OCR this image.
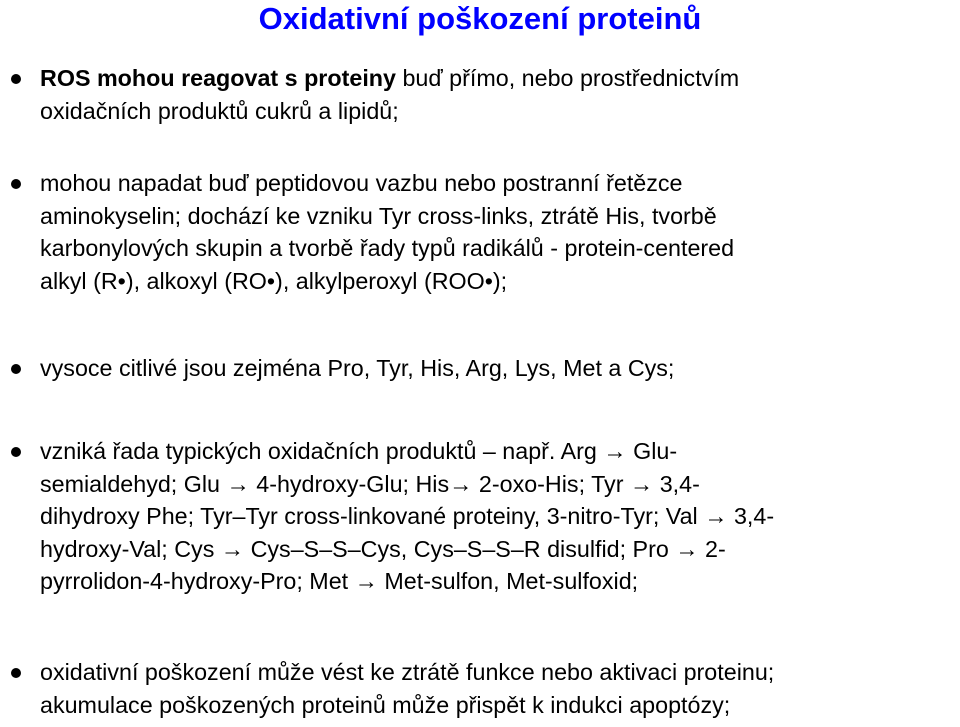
Oxidativní poškození proteinů
ROS mohou reagovat s proteiny buď přímo, nebo prostřednictvím
oxidačních produktů cukrů a lipidů;
mohou napadat buď peptidovou vazbu nebo postranní řetězce
aminokyselin; dochází ke vzniku Tyr cross-links, ztrátě His, tvorbě
karbonylových skupin a tvorbě řady typů radikálů - protein-centered
alkyl (R•), alkoxyl (RO•), alkylperoxyl (ROO•);
vysoce citlivé jsou zejména Pro, Tyr, His, Arg, Lys, Met a Cys;
vzniká řada typických oxidačních produktů – např. Arg → Glu-
semialdehyd; Glu → 4-hydroxy-Glu; His→ 2-oxo-His; Tyr → 3,4-
dihydroxy Phe; Tyr–Tyr cross-linkované proteiny, 3-nitro-Tyr; Val → 3,4-
hydroxy-Val; Cys → Cys–S–S–Cys, Cys–S–S–R disulfid; Pro → 2-
pyrrolidon-4-hydroxy-Pro; Met → Met-sulfon, Met-sulfoxid;
oxidativní poškození může vést ke ztrátě funkce nebo aktivaci proteinu;
akumulace poškozených proteinů může přispět k indukci apoptózy;
